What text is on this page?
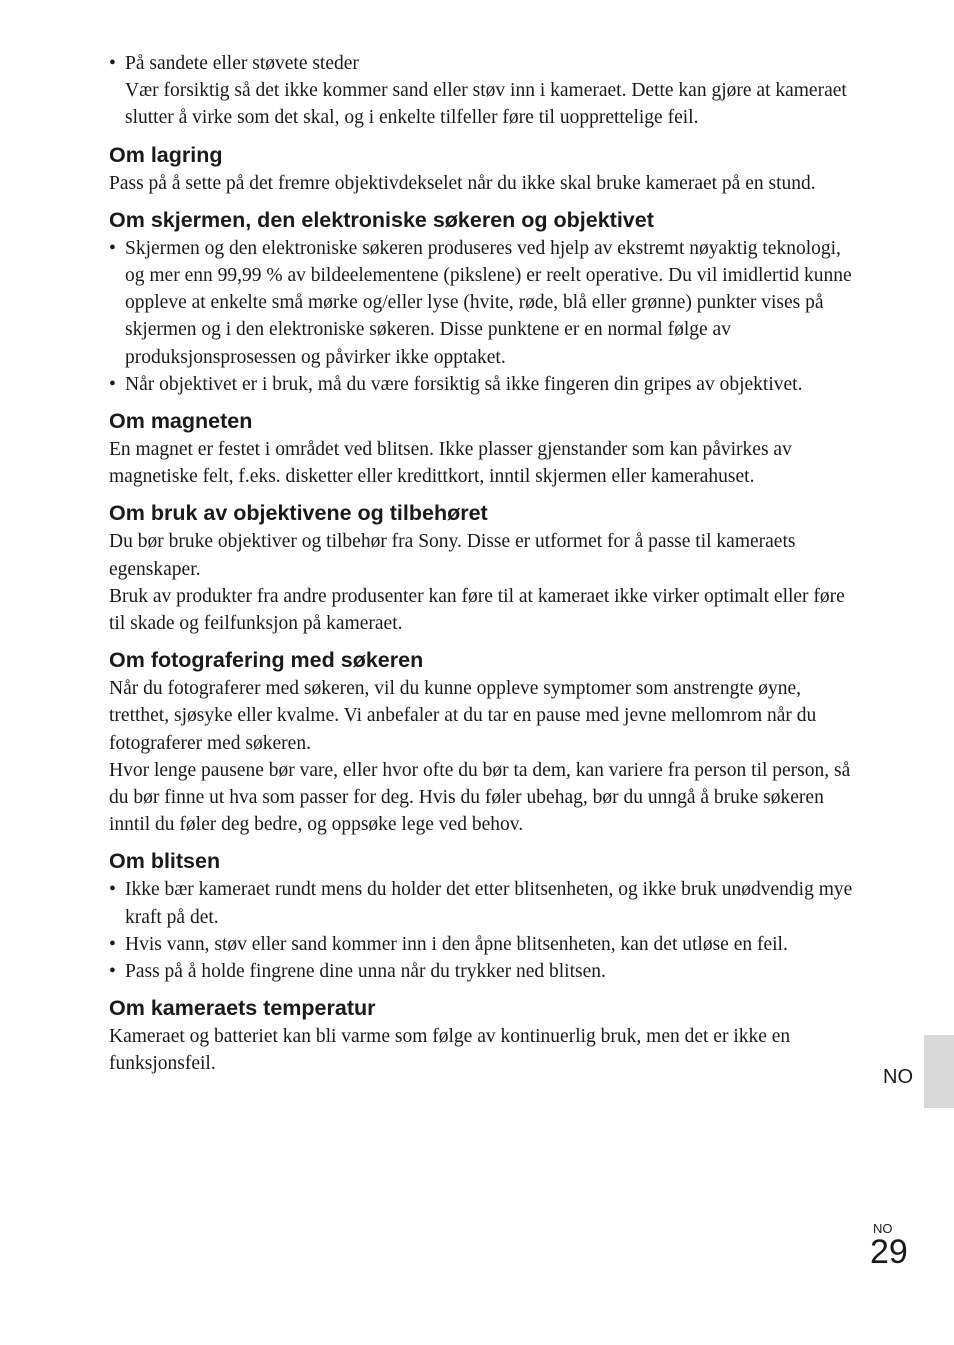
• På sandete eller støvete steder

Vær forsiktig så det ikke kommer sand eller støv inn i kameraet. Dette kan gjøre at kameraet slutter å virke som det skal, og i enkelte tilfeller føre til uopprettelige feil.

Om lagring

Pass på å sette på det fremre objektivdekselet når du ikke skal bruke kameraet på en stund.

Om skjermen, den elektroniske søkeren og objektivet
• Skjermen og den elektroniske søkeren produseres ved hjelp av ekstremt nøyaktig teknologi, og mer enn 99,99 % av bildeelementene (pikslene) er reelt operative. Du vil imidlertid kunne oppleve at enkelte små mørke og/eller lyse (hvite, røde, blå eller grønne) punkter vises på skjermen og i den elektroniske søkeren. Disse punktene er en normal følge av produksjonsprosessen og påvirker ikke opptaket.
• Når objektivet er i bruk, må du være forsiktig så ikke fingeren din gripes av objektivet.
Om magneten

En magnet er festet i området ved blitsen. Ikke plasser gjenstander som kan påvirkes av magnetiske felt, f.eks. disketter eller kredittkort, inntil skjermen eller kamerahuset.

Om bruk av objektivene og tilbehøret

Du bør bruke objektiver og tilbehør fra Sony. Disse er utformet for å passe til kameraets egenskaper.

Bruk av produkter fra andre produsenter kan føre til at kameraet ikke virker optimalt eller føre til skade og feilfunksjon på kameraet.

Om fotografering med søkeren

Når du fotograferer med søkeren, vil du kunne oppleve symptomer som anstrengte øyne, tretthet, sjøsyke eller kvalme. Vi anbefaler at du tar en pause med jevne mellomrom når du fotograferer med søkeren.

Hvor lenge pausene bør vare, eller hvor ofte du bør ta dem, kan variere fra person til person, så du bør finne ut hva som passer for deg. Hvis du føler ubehag, bør du unngå å bruke søkeren inntil du føler deg bedre, og oppsøke lege ved behov.

Om blitsen
• Ikke bær kameraet rundt mens du holder det etter blitsenheten, og ikke bruk unødvendig mye kraft på det.
• Hvis vann, støv eller sand kommer inn i den åpne blitsenheten, kan det utløse en feil.
• Pass på å holde fingrene dine unna når du trykker ned blitsen.
Om kameraets temperatur

Kameraet og batteriet kan bli varme som følge av kontinuerlig bruk, men det er ikke en funksjonsfeil.

NO
NO
29
